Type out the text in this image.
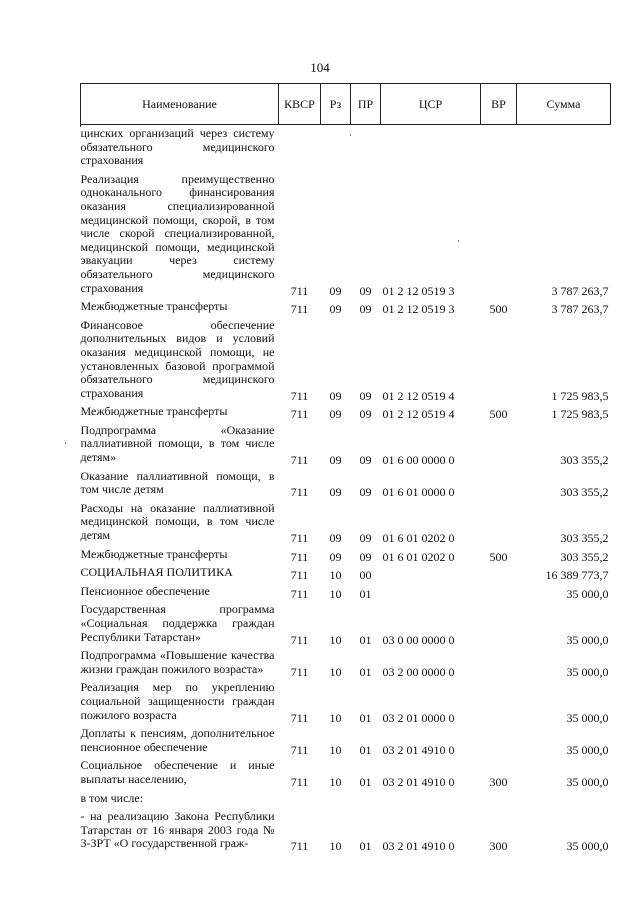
104
Наименование	КВСР	Рз	ПР	ЦСР	ВР	Сумма
цинских организаций через систему обязательного медицинского страхования						
Реализация преимущественно одноканального финансирования оказания специализированной медицинской помощи, скорой, в том числе скорой специализированной, медицинской помощи, медицинской эвакуации через систему обязательного медицинского страхования	711	09	09	01 2 12 0519 3		3 787 263,7
Межбюджетные трансферты	711	09	09	01 2 12 0519 3	500	3 787 263,7
Финансовое обеспечение дополнительных видов и условий оказания медицинской помощи, не установленных базовой программой обязательного медицинского страхования	711	09	09	01 2 12 0519 4		1 725 983,5
Межбюджетные трансферты	711	09	09	01 2 12 0519 4	500	1 725 983,5
Подпрограмма «Оказание паллиативной помощи, в том числе детям»	711	09	09	01 6 00 0000 0		303 355,2
Оказание паллиативной помощи, в том числе детям	711	09	09	01 6 01 0000 0		303 355,2
Расходы на оказание паллиативной медицинской помощи, в том числе детям	711	09	09	01 6 01 0202 0		303 355,2
Межбюджетные трансферты	711	09	09	01 6 01 0202 0	500	303 355,2
СОЦИАЛЬНАЯ ПОЛИТИКА	711	10	00			16 389 773,7
Пенсионное обеспечение	711	10	01			35 000,0
Государственная программа «Социальная поддержка граждан Республики Татарстан»	711	10	01	03 0 00 0000 0		35 000,0
Подпрограмма «Повышение качества жизни граждан пожилого возраста»	711	10	01	03 2 00 0000 0		35 000,0
Реализация мер по укреплению социальной защищенности граждан пожилого возраста	711	10	01	03 2 01 0000 0		35 000,0
Доплаты к пенсиям, дополнительное пенсионное обеспечение	711	10	01	03 2 01 4910 0		35 000,0
Социальное обеспечение и иные выплаты населению,	711	10	01	03 2 01 4910 0	300	35 000,0
в том числе:						
- на реализацию Закона Республики Татарстан от 16 января 2003 года № 3-ЗРТ «О государственной граж-	711	10	01	03 2 01 4910 0	300	35 000,0
